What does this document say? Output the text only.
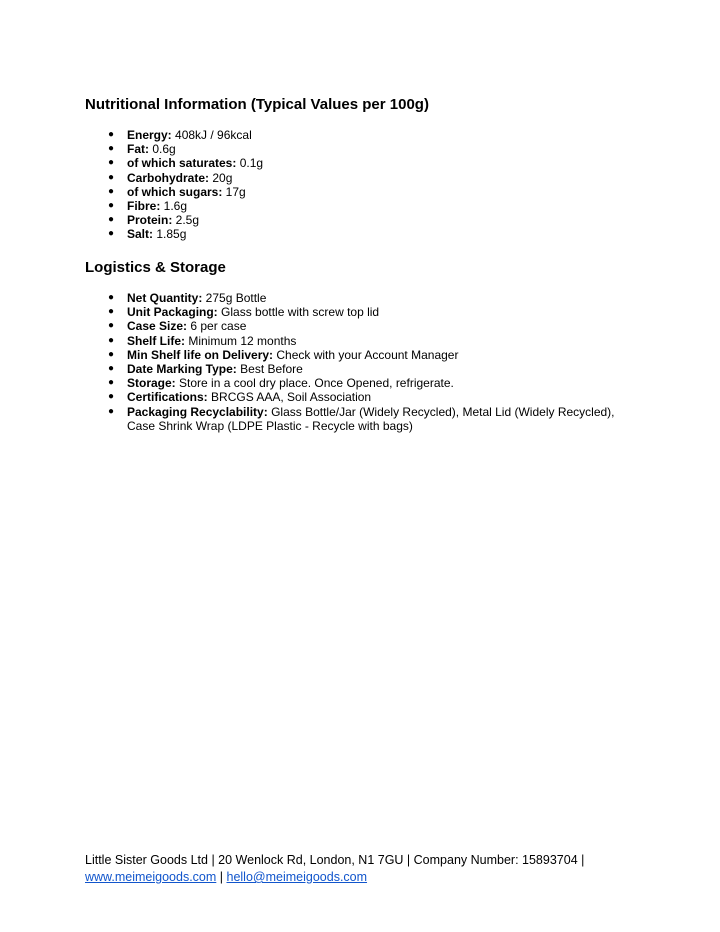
Nutritional Information (Typical Values per 100g)
● Energy: 408kJ / 96kcal
● Fat: 0.6g
● of which saturates: 0.1g
● Carbohydrate: 20g
● of which sugars: 17g
● Fibre: 1.6g
● Protein: 2.5g
● Salt: 1.85g
Logistics & Storage
● Net Quantity: 275g Bottle
● Unit Packaging: Glass bottle with screw top lid
● Case Size: 6 per case
● Shelf Life: Minimum 12 months
● Min Shelf life on Delivery: Check with your Account Manager
● Date Marking Type: Best Before
● Storage: Store in a cool dry place. Once Opened, refrigerate.
● Certifications: BRCGS AAA, Soil Association
● Packaging Recyclability: Glass Bottle/Jar (Widely Recycled), Metal Lid (Widely Recycled), Case Shrink Wrap (LDPE Plastic - Recycle with bags)
Little Sister Goods Ltd | 20 Wenlock Rd, London, N1 7GU | Company Number: 15893704 |
www.meimeigoods.com | hello@meimeigoods.com
